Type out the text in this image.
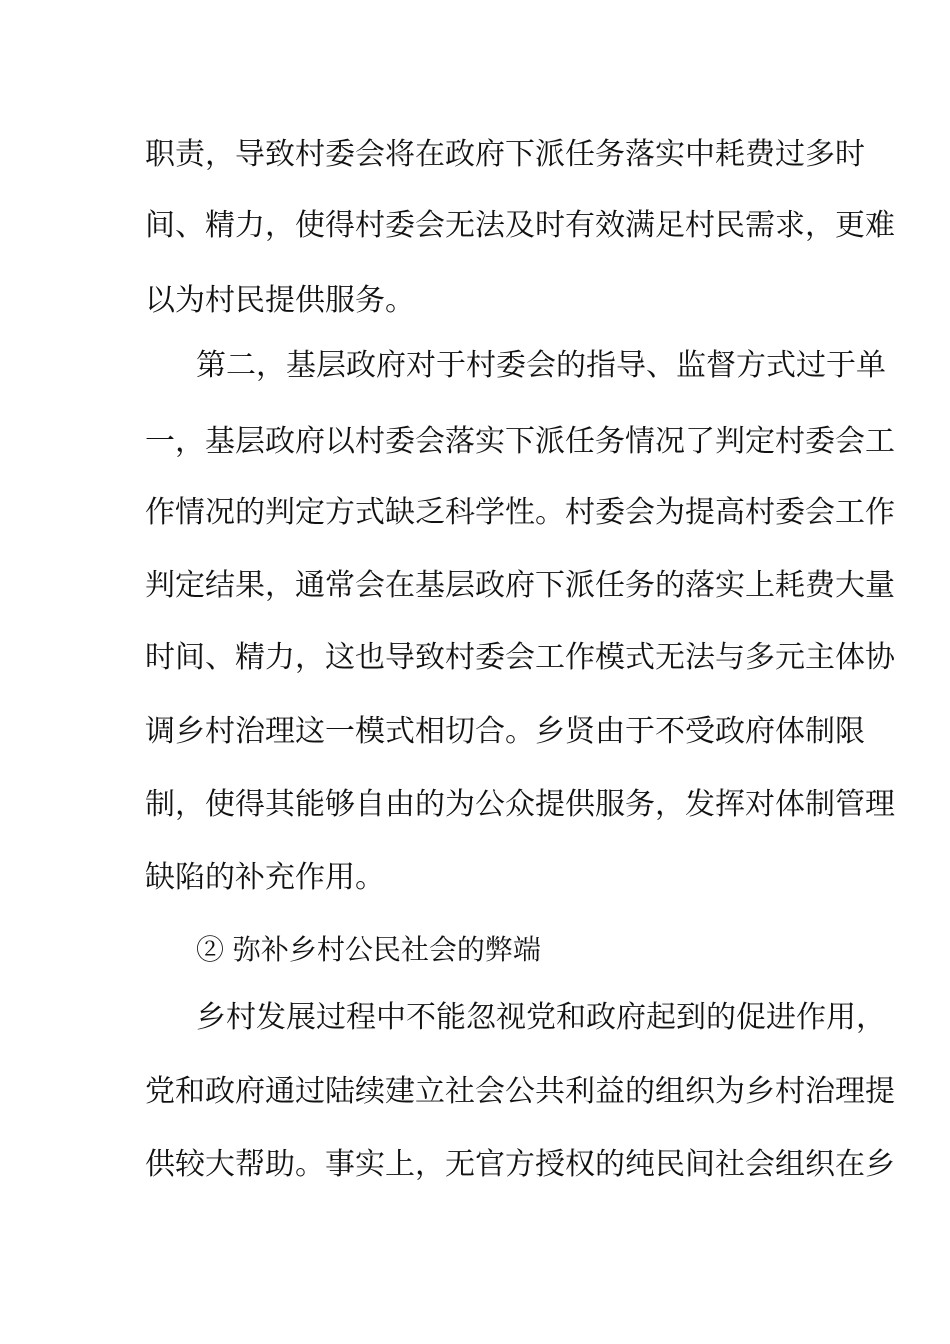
职责，导致村委会将在政府下派任务落实中耗费过多时
间、精力，使得村委会无法及时有效满足村民需求，更难
以为村民提供服务。
第二，基层政府对于村委会的指导、监督方式过于单
一，基层政府以村委会落实下派任务情况了判定村委会工
作情况的判定方式缺乏科学性。村委会为提高村委会工作
判定结果，通常会在基层政府下派任务的落实上耗费大量
时间、精力，这也导致村委会工作模式无法与多元主体协
调乡村治理这一模式相切合。乡贤由于不受政府体制限
制，使得其能够自由的为公众提供服务，发挥对体制管理
缺陷的补充作用。
② 弥补乡村公民社会的弊端
乡村发展过程中不能忽视党和政府起到的促进作用，
党和政府通过陆续建立社会公共利益的组织为乡村治理提
供较大帮助。事实上，无官方授权的纯民间社会组织在乡
